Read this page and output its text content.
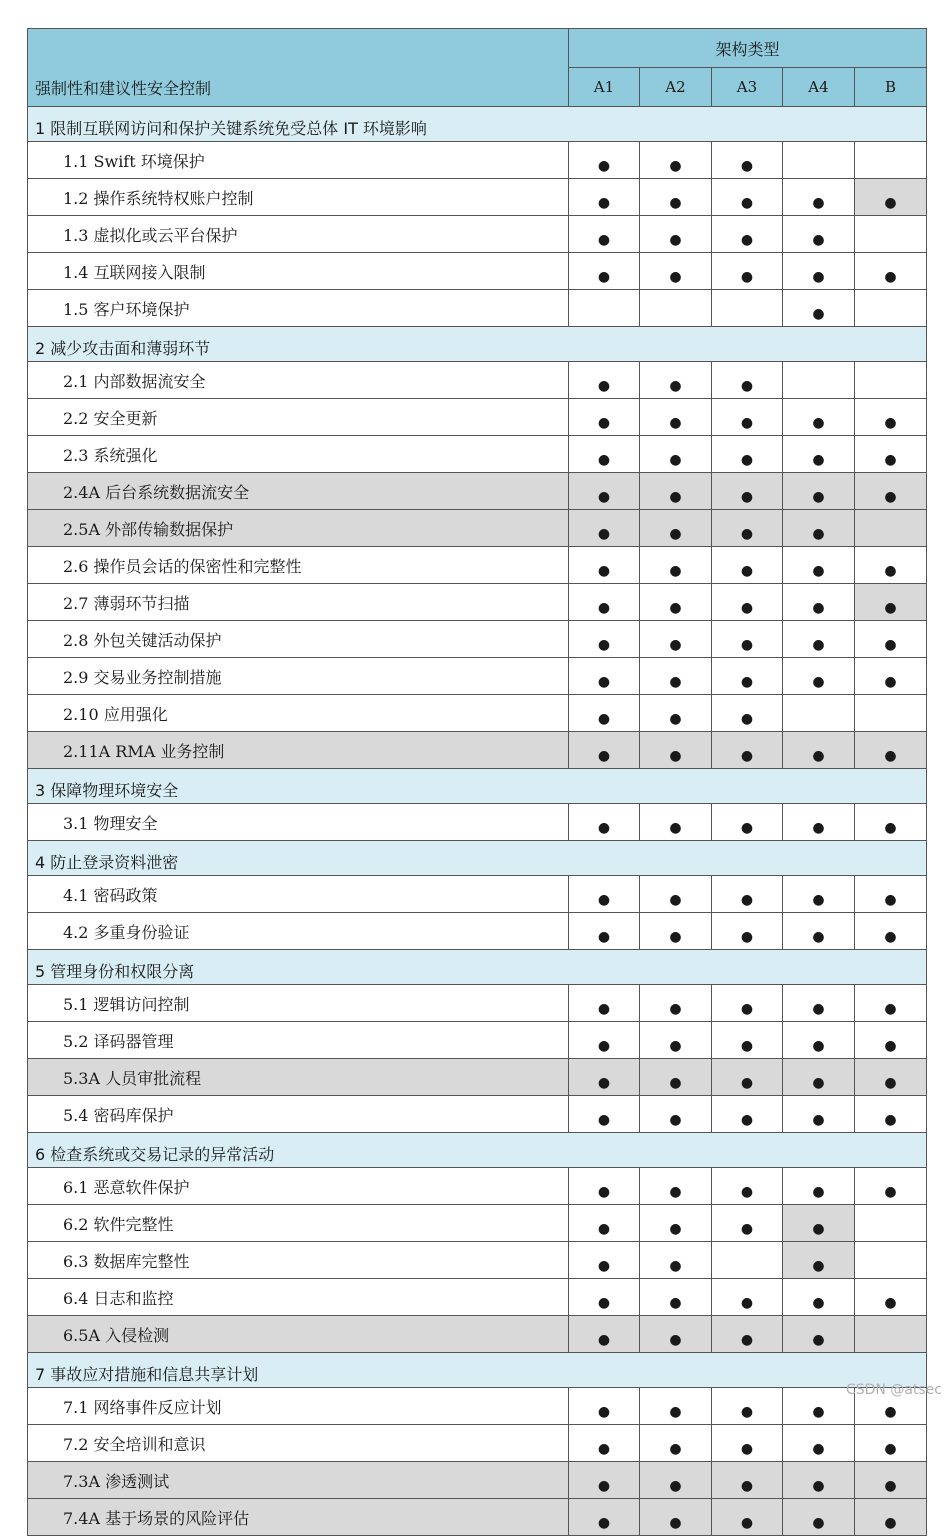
强制性和建议性安全控制	架构类型				
	A1	A2	A3	A4	B
1 限制互联网访问和保护关键系统免受总体 IT 环境影响					
1.1 Swift 环境保护	●	●	●		
1.2 操作系统特权账户控制	●	●	●	●	●
1.3 虚拟化或云平台保护	●	●	●	●	
1.4 互联网接入限制	●	●	●	●	●
1.5 客户环境保护				●	
2 减少攻击面和薄弱环节					
2.1 内部数据流安全	●	●	●		
2.2 安全更新	●	●	●	●	●
2.3 系统强化	●	●	●	●	●
2.4A 后台系统数据流安全	●	●	●	●	●
2.5A 外部传输数据保护	●	●	●	●	
2.6 操作员会话的保密性和完整性	●	●	●	●	●
2.7 薄弱环节扫描	●	●	●	●	●
2.8 外包关键活动保护	●	●	●	●	●
2.9 交易业务控制措施	●	●	●	●	●
2.10 应用强化	●	●	●		
2.11A RMA 业务控制	●	●	●	●	●
3 保障物理环境安全					
3.1 物理安全	●	●	●	●	●
4 防止登录资料泄密					
4.1 密码政策	●	●	●	●	●
4.2 多重身份验证	●	●	●	●	●
5 管理身份和权限分离					
5.1 逻辑访问控制	●	●	●	●	●
5.2 译码器管理	●	●	●	●	●
5.3A 人员审批流程	●	●	●	●	●
5.4 密码库保护	●	●	●	●	●
6 检查系统或交易记录的异常活动					
6.1 恶意软件保护	●	●	●	●	●
6.2 软件完整性	●	●	●	●	
6.3 数据库完整性	●	●		●	
6.4 日志和监控	●	●	●	●	●
6.5A 入侵检测	●	●	●	●	
7 事故应对措施和信息共享计划					
7.1 网络事件反应计划	●	●	●	●	●
7.2 安全培训和意识	●	●	●	●	●
7.3A 渗透测试	●	●	●	●	●
7.4A 基于场景的风险评估	●	●	●	●	●
CSDN @atsec
